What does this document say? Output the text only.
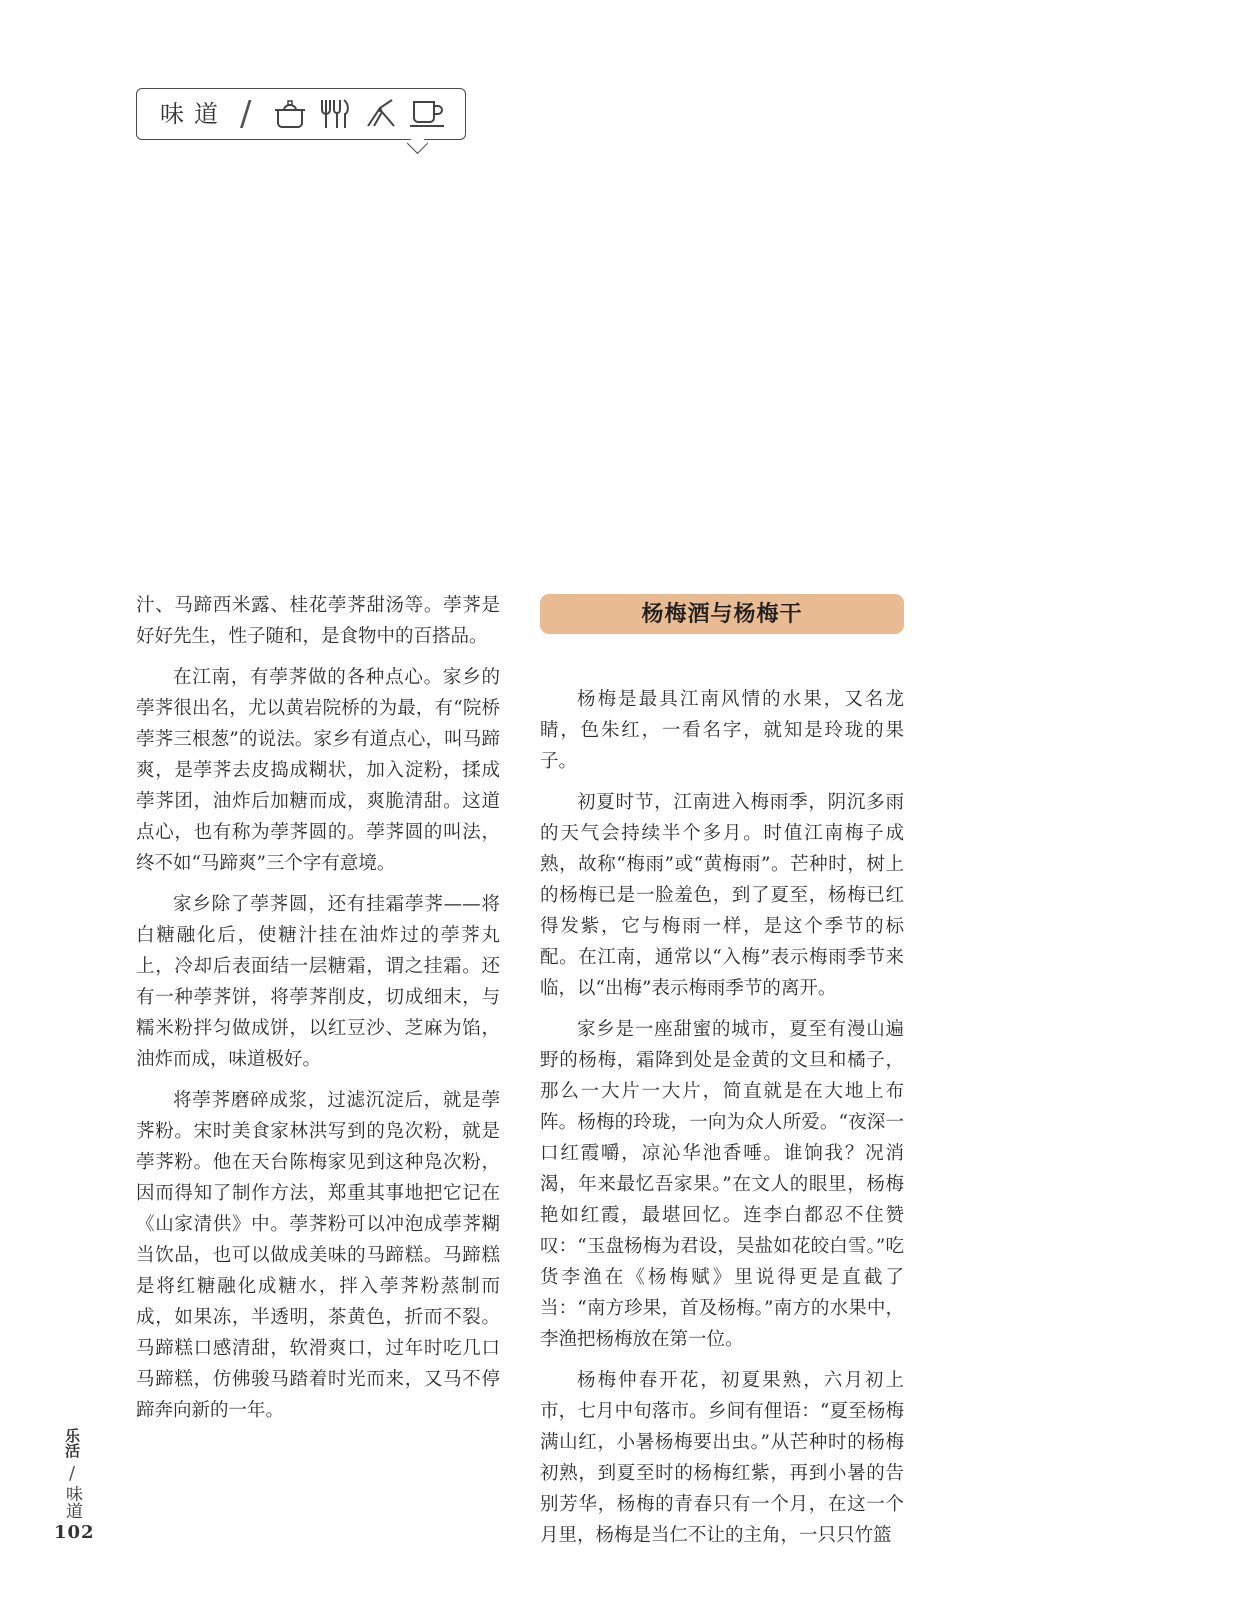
味道 /

汁、马蹄西米露、桂花荸荠甜汤等。荸荠是好好先生，性子随和，是食物中的百搭品。

在江南，有荸荠做的各种点心。家乡的荸荠很出名，尤以黄岩院桥的为最，有“院桥荸荠三根葱”的说法。家乡有道点心，叫马蹄爽，是荸荠去皮捣成糊状，加入淀粉，揉成荸荠团，油炸后加糖而成，爽脆清甜。这道点心，也有称为荸荠圆的。荸荠圆的叫法，终不如“马蹄爽”三个字有意境。

家乡除了荸荠圆，还有挂霜荸荠——将白糖融化后，使糖汁挂在油炸过的荸荠丸上，冷却后表面结一层糖霜，谓之挂霜。还有一种荸荠饼，将荸荠削皮，切成细末，与糯米粉拌匀做成饼，以红豆沙、芝麻为馅，油炸而成，味道极好。

将荸荠磨碎成浆，过滤沉淀后，就是荸荠粉。宋时美食家林洪写到的凫次粉，就是荸荠粉。他在天台陈梅家见到这种凫次粉，因而得知了制作方法，郑重其事地把它记在《山家清供》中。荸荠粉可以冲泡成荸荠糊当饮品，也可以做成美味的马蹄糕。马蹄糕是将红糖融化成糖水，拌入荸荠粉蒸制而成，如果冻，半透明，茶黄色，折而不裂。马蹄糕口感清甜，软滑爽口，过年时吃几口马蹄糕，仿佛骏马踏着时光而来，又马不停蹄奔向新的一年。

杨梅酒与杨梅干

杨梅是最具江南风情的水果，又名龙睛，色朱红，一看名字，就知是玲珑的果子。

初夏时节，江南进入梅雨季，阴沉多雨的天气会持续半个多月。时值江南梅子成熟，故称“梅雨”或“黄梅雨”。芒种时，树上的杨梅已是一脸羞色，到了夏至，杨梅已红得发紫，它与梅雨一样，是这个季节的标配。在江南，通常以“入梅”表示梅雨季节来临，以“出梅”表示梅雨季节的离开。

家乡是一座甜蜜的城市，夏至有漫山遍野的杨梅，霜降到处是金黄的文旦和橘子，那么一大片一大片，简直就是在大地上布阵。杨梅的玲珑，一向为众人所爱。“夜深一口红霞嚼，凉沁华池香唾。谁饷我？况消渴，年来最忆吾家果。”在文人的眼里，杨梅艳如红霞，最堪回忆。连李白都忍不住赞叹：“玉盘杨梅为君设，吴盐如花皎白雪。”吃货李渔在《杨梅赋》里说得更是直截了当：“南方珍果，首及杨梅。”南方的水果中，李渔把杨梅放在第一位。

杨梅仲春开花，初夏果熟，六月初上市，七月中旬落市。乡间有俚语：“夏至杨梅满山红，小暑杨梅要出虫。”从芒种时的杨梅初熟，到夏至时的杨梅红紫，再到小暑的告别芳华，杨梅的青春只有一个月，在这一个月里，杨梅是当仁不让的主角，一只只竹篮

乐活
/
味道
102
